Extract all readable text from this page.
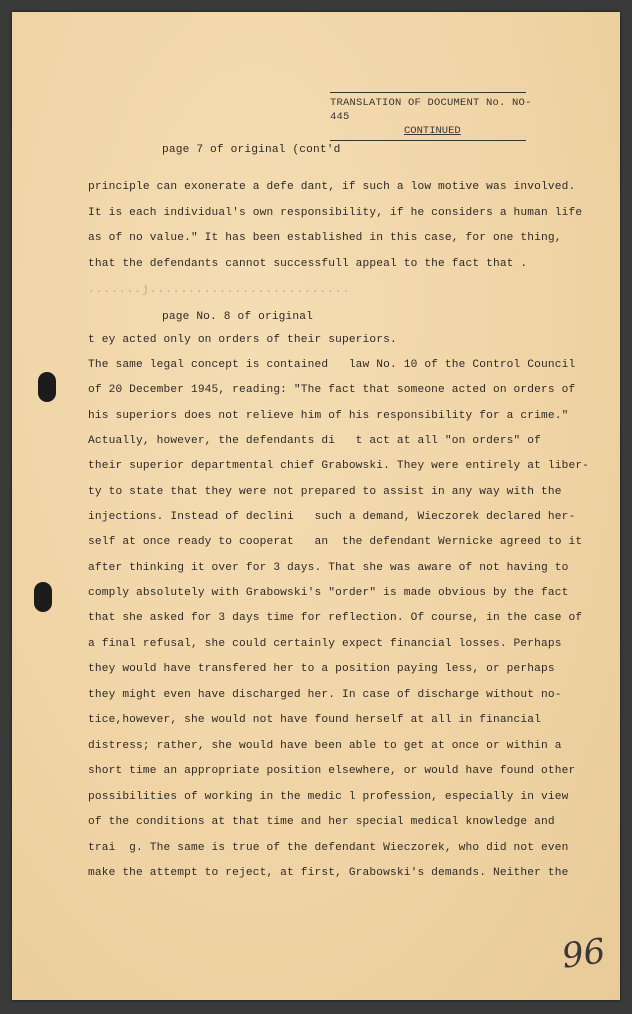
TRANSLATION OF DOCUMENT No. NO-445
CONTINUED
page 7 of original (cont'd
principle can exonerate a defe dant, if such a low motive was involved.
It is each individual's own responsibility, if he considers a human life
as of no value." It has been established in this case, for one thing,
that the defendants cannot successfull appeal to the fact that .
.......j..........................
page No. 8 of original
t ey acted only on orders of their superiors.
The same legal concept is contained   law No. 10 of the Control Council
of 20 December 1945, reading: "The fact that someone acted on orders of
his superiors does not relieve him of his responsibility for a crime."
Actually, however, the defendants di   t act at all "on orders" of
their superior departmental chief Grabowski. They were entirely at liber-
ty to state that they were not prepared to assist in any way with the
injections. Instead of declini   such a demand, Wieczorek declared her-
self at once ready to cooperat   an  the defendant Wernicke agreed to it
after thinking it over for 3 days. That she was aware of not having to
comply absolutely with Grabowski's "order" is made obvious by the fact
that she asked for 3 days time for reflection. Of course, in the case of
a final refusal, she could certainly expect financial losses. Perhaps
they would have transfered her to a position paying less, or perhaps
they might even have discharged her. In case of discharge without no-
tice,however, she would not have found herself at all in financial
distress; rather, she would have been able to get at once or within a
short time an appropriate position elsewhere, or would have found other
possibilities of working in the medic l profession, especially in view
of the conditions at that time and her special medical knowledge and
trai  g. The same is true of the defendant Wieczorek, who did not even
make the attempt to reject, at first, Grabowski's demands. Neither the
96
